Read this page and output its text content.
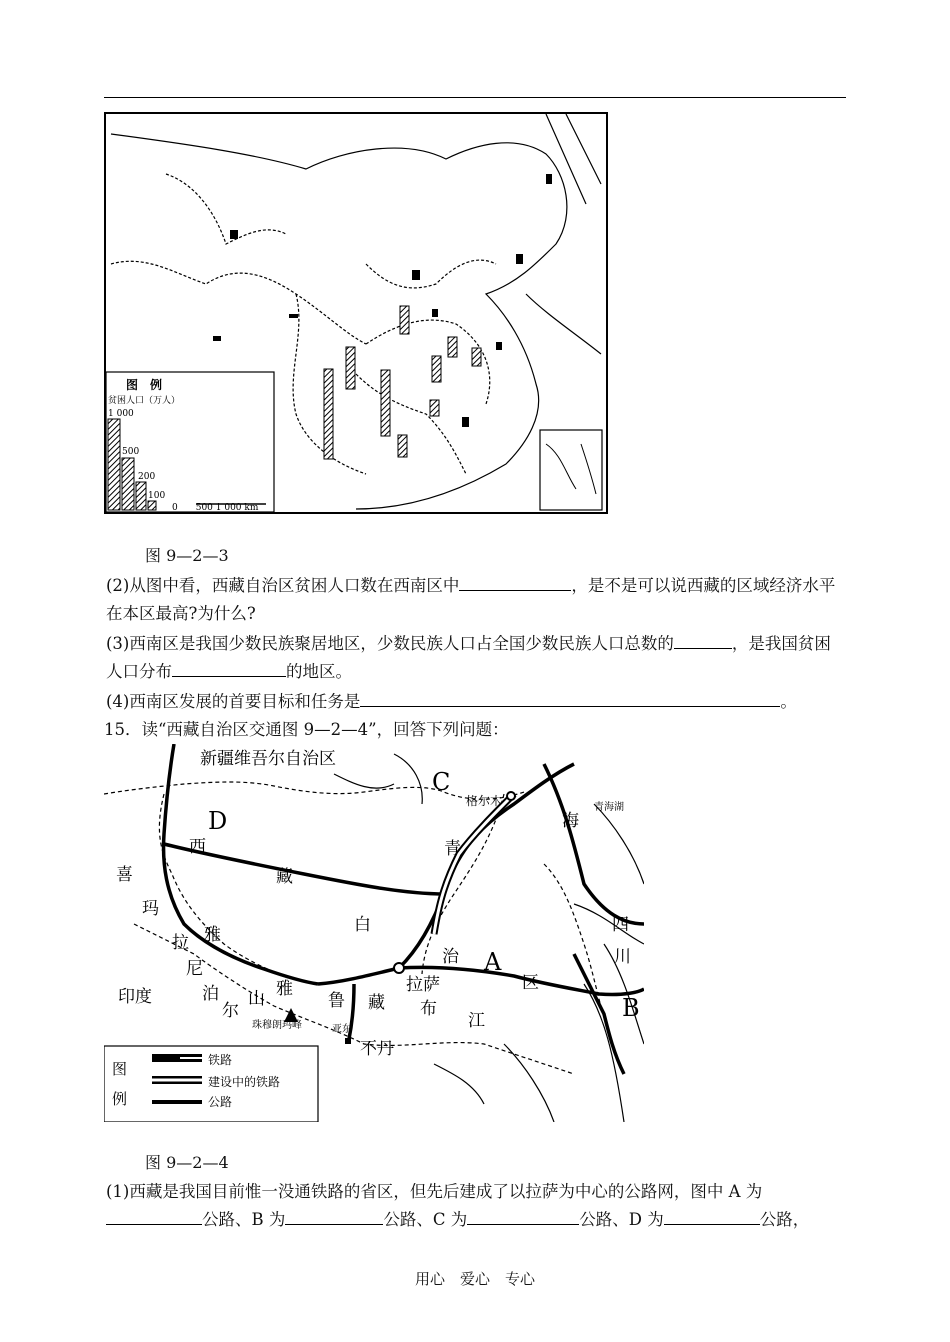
图　例
贫困人口（万人）
1 000
500
200
100
0　　500 1 000 km
图 9—2—3
(2)从图中看，西藏自治区贫困人口数在西南区中	，是不是可以说西藏的区域经济水平在本区最高?为什么?
(3)西南区是我国少数民族聚居地区，少数民族人口占全国少数民族人口总数的	，是我国贫困人口分布	的地区。
(4)西南区发展的首要目标和任务是	。
15．读“西藏自治区交通图 9—2—4”，回答下列问题：
新疆维吾尔自治区
C
格尔木	青海湖
青
海
D
西
藏
喜
玛
拉 雅
尼
泊
尔
山 雅
鲁 藏
白
治 A
区
四
川
B
印度
拉萨
布
江
珠穆朗玛峰	亚东
不丹
图
例
铁路
建设中的铁路
公路
图 9—2—4
(1)西藏是我国目前惟一没通铁路的省区，但先后建成了以拉萨为中心的公路网，图中 A 为公路、B 为	公路、C 为	公路、D 为	公路，
用心　爱心　专心
